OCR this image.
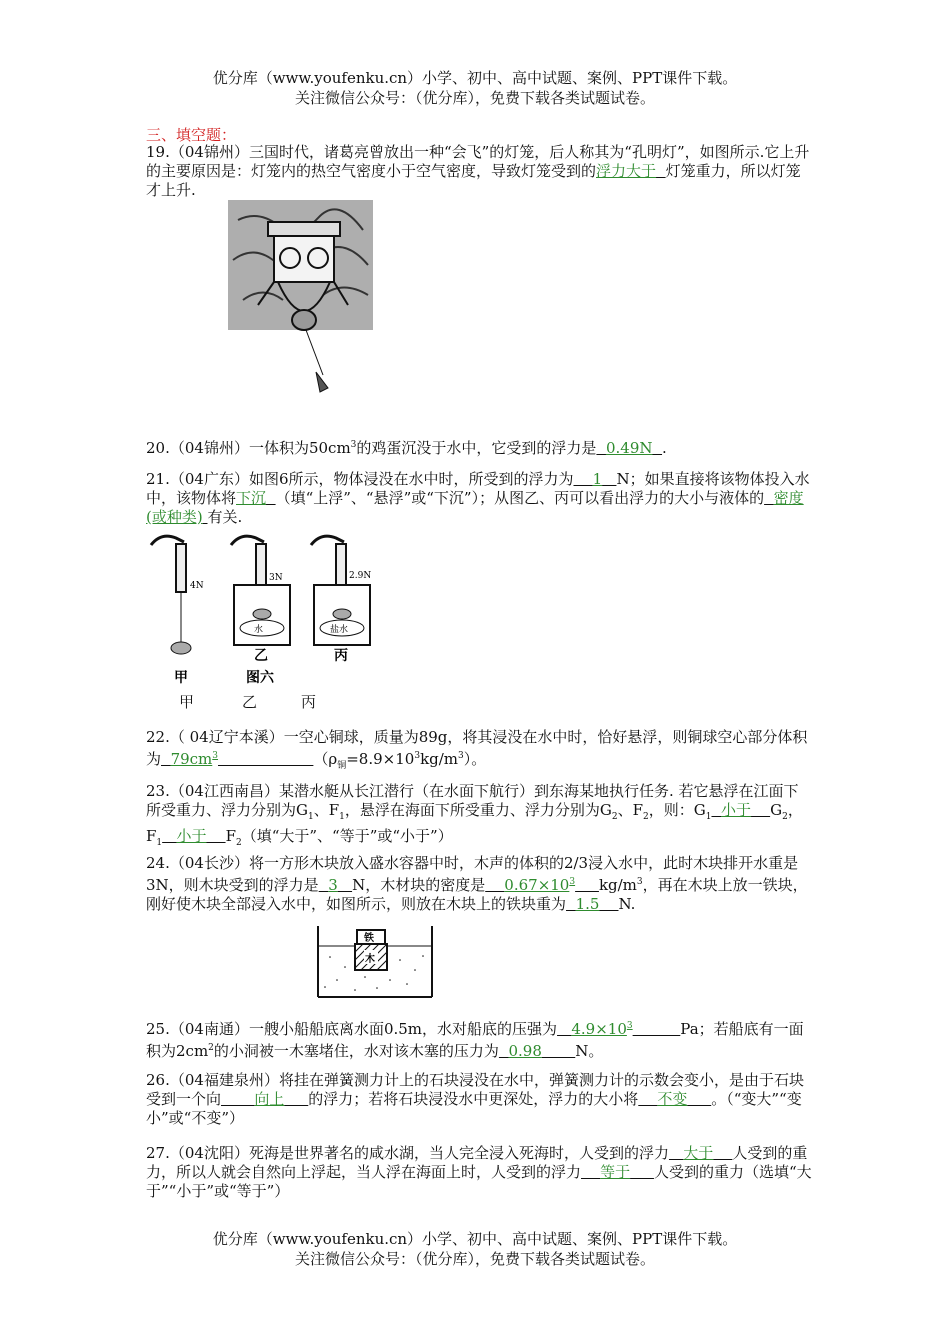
优分库（www.youfenku.cn）小学、初中、高中试题、案例、PPT课件下载。
关注微信公众号：（优分库），免费下载各类试题试卷。
三、填空题：
19.（04锦州）三国时代，诸葛亮曾放出一种“会飞”的灯笼，后人称其为“孔明灯”，如图所示.它上升的主要原因是：灯笼内的热空气密度小于空气密度，导致灯笼受到的浮力大于 灯笼重力，所以灯笼才上升.
20.（04锦州）一体积为$50cm^3$的鸡蛋沉没于水中，它受到的浮力是 0.49N .
21.（04广东）如图6所示，物体浸没在水中时，所受到的浮力为 1 N；如果直接将该物体投入水中，该物体将下沉 （填“上浮”、“悬浮”或“下沉”）；从图乙、丙可以看出浮力的大小与液体的 密度(或种类) 有关.
4N
甲
3N
水
乙
图六
2.9N
盐水
丙
甲	乙	丙
22.（ 04辽宁本溪）一空心铜球，质量为89g，将其浸没在水中时，恰好悬浮，则铜球空心部分体积为 $79cm^3$	$(\rho_铜=8.9\times 10^3kg/m^3)$。
23.（04江西南昌）某潜水艇从长江潜行（在水面下航行）到东海某地执行任务. 若它悬浮在江面下所受重力、浮力分别为$G_1$、$F_1$，悬浮在海面下所受重力、浮力分别为$G_2$、$F_2$，则：$G_1$ 小于 $G_2$， $F_1$ 小于 $F_2$（填“大于”、“等于”或“小于”）
24.（04长沙）将一方形木块放入盛水容器中时，木声的体积的2/3浸入水中，此时木块排开水重是3N，则木块受到的浮力是 3 N，木材块的密度是 $0.67\times 10^3$ $kg/m^3$，再在木块上放一铁块，刚好使木块全部浸入水中，如图所示，则放在木块上的铁块重为 1.5 N.
铁
木
25.（04南通）一艘小船船底离水面0.5m，水对船底的压强为 $4.9\times 10^3$	Pa；若船底有一面积为$2cm^2$的小洞被一木塞堵住，水对该木塞的压力为 0.98 N。
26.（04福建泉州）将挂在弹簧测力计上的石块浸没在水中，弹簧测力计的示数会变小，是由于石块受到一个向 向上 的浮力；若将石块浸没水中更深处，浮力的大小将 不变 。（“变大”“变小”或“不变”）
27.（04沈阳）死海是世界著名的咸水湖，当人完全浸入死海时，人受到的浮力 大于 人受到的重力，所以人就会自然向上浮起，当人浮在海面上时，人受到的浮力 等于 人受到的重力（选填“大于”“小于”或“等于”）
优分库（www.youfenku.cn）小学、初中、高中试题、案例、PPT课件下载。
关注微信公众号：（优分库），免费下载各类试题试卷。
